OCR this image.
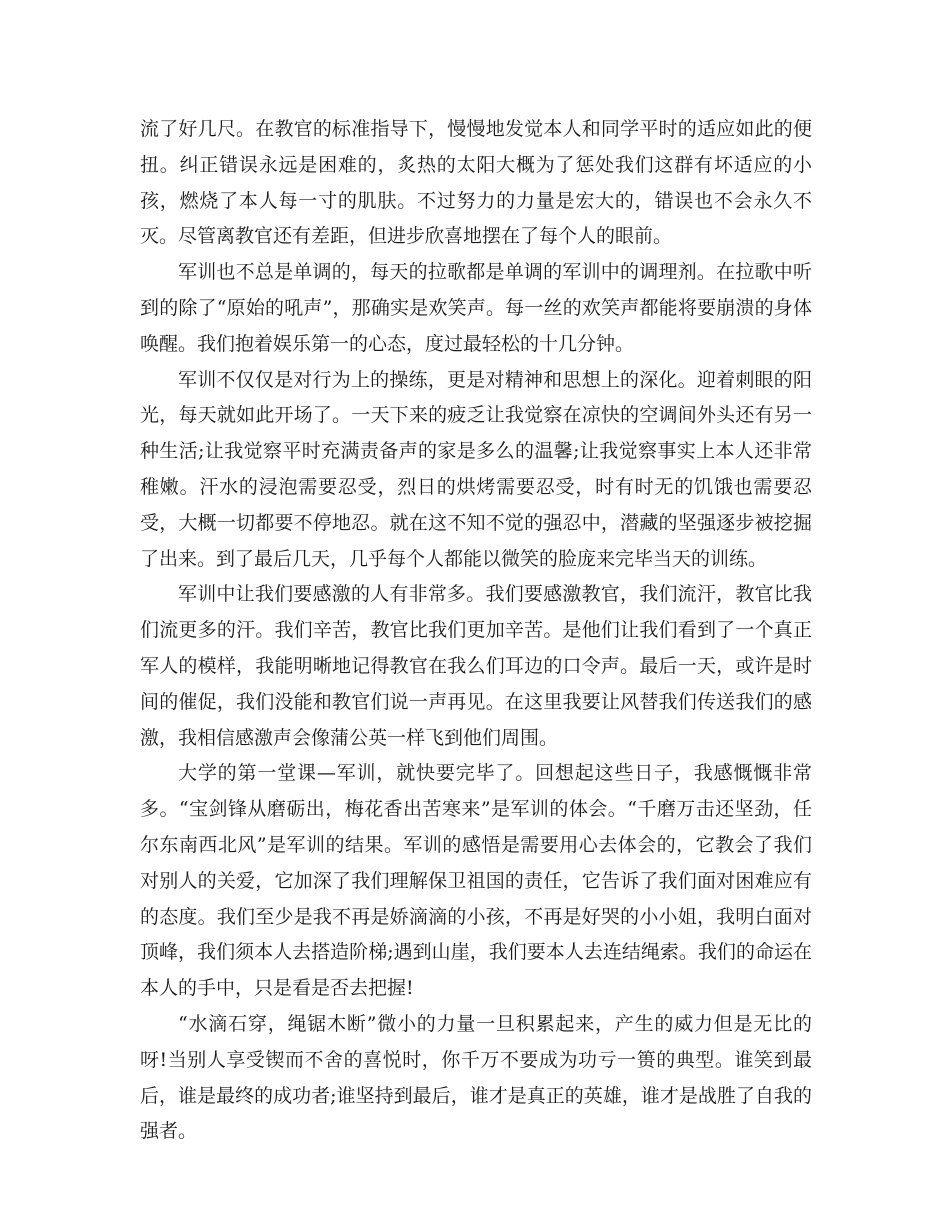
流了好几尺。在教官的标准指导下，慢慢地发觉本人和同学平时的适应如此的便扭。纠正错误永远是困难的，炙热的太阳大概为了惩处我们这群有坏适应的小孩，燃烧了本人每一寸的肌肤。不过努力的力量是宏大的，错误也不会永久不灭。尽管离教官还有差距，但进步欣喜地摆在了每个人的眼前。

军训也不总是单调的，每天的拉歌都是单调的军训中的调理剂。在拉歌中听到的除了“原始的吼声”，那确实是欢笑声。每一丝的欢笑声都能将要崩溃的身体唤醒。我们抱着娱乐第一的心态，度过最轻松的十几分钟。

军训不仅仅是对行为上的操练，更是对精神和思想上的深化。迎着刺眼的阳光，每天就如此开场了。一天下来的疲乏让我觉察在凉快的空调间外头还有另一种生活;让我觉察平时充满责备声的家是多么的温馨;让我觉察事实上本人还非常稚嫩。汗水的浸泡需要忍受，烈日的烘烤需要忍受，时有时无的饥饿也需要忍受，大概一切都要不停地忍。就在这不知不觉的强忍中，潜藏的坚强逐步被挖掘了出来。到了最后几天，几乎每个人都能以微笑的脸庞来完毕当天的训练。

军训中让我们要感激的人有非常多。我们要感激教官，我们流汗，教官比我们流更多的汗。我们辛苦，教官比我们更加辛苦。是他们让我们看到了一个真正军人的模样，我能明晰地记得教官在我么们耳边的口令声。最后一天，或许是时间的催促，我们没能和教官们说一声再见。在这里我要让风替我们传送我们的感激，我相信感激声会像蒲公英一样飞到他们周围。

大学的第一堂课—军训，就快要完毕了。回想起这些日子，我感慨慨非常多。“宝剑锋从磨砺出，梅花香出苦寒来”是军训的体会。“千磨万击还坚劲，任尔东南西北风”是军训的结果。军训的感悟是需要用心去体会的，它教会了我们对别人的关爱，它加深了我们理解保卫祖国的责任，它告诉了我们面对困难应有的态度。我们至少是我不再是娇滴滴的小孩，不再是好哭的小小姐，我明白面对顶峰，我们须本人去搭造阶梯;遇到山崖，我们要本人去连结绳索。我们的命运在本人的手中，只是看是否去把握!

“水滴石穿，绳锯木断”微小的力量一旦积累起来，产生的威力但是无比的呀!当别人享受锲而不舍的喜悦时，你千万不要成为功亏一篑的典型。谁笑到最后，谁是最终的成功者;谁坚持到最后，谁才是真正的英雄，谁才是战胜了自我的强者。
